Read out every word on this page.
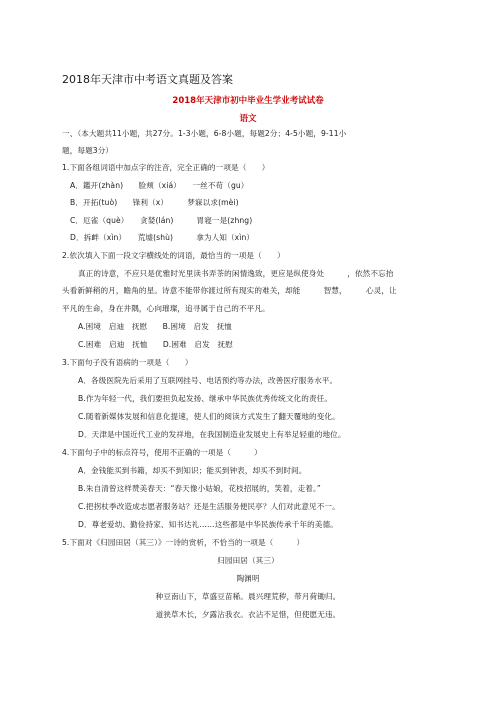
2018年天津市中考语文真题及答案
2018年天津市初中毕业生学业考试试卷
语文
一、（本大题共11小题，共27分。1-3小题，6-8小题，每题2分；4-5小题，9-11小
题，每题3分）
1.下面各组词语中加点字的注音，完全正确的一项是（　　）
A．鑑开(zhàn)　　脸颊（xiá）　　一丝不苟（gu）
B．开拓(tuò)　　锋利（x）　　　梦寐以求(mèi)
C．厄雀（què）　　贪婪(lán)　　　胃寝一是(zhng)
D．拆衅（xìn）　　荒墟(shù)　　　拿为人知（xìn）
2.依次填入下面一段文字横线处的词语，最恰当的一项是（　　）
真正的诗意，不应只是优雅时光里读书弄茶的闲情逸致，更应是纵使身处　　　，依然不忘抬
头看新鲜稍的月，瞻角的星。诗意不能带你渡过所有现实的难关，却能　　　智慧，　　　心灵，让
平凡的生命，身在井隅，心向璀璨，追寻属于自己的不平凡。
A.困境　启迪　抚慰　　B.困境　启发　抚恤
C.困难　启迪　抚恤　　D.困难　启发　抚慰
3.下面句子没有语病的一项是（　　）
A．各级医院先后采用了互联网挂号、电话预约等办法，改善医疗服务水平。
B.作为年轻一代，我们要担负起发扬、继承中华民族优秀传统文化的责任。
C.随着新媒体发展和信息化提速，使人们的阅读方式发生了翻天覆地的变化。
D．天津是中国近代工业的发祥地，在我国制造业发展史上有举足轻重的地位。
4.下面句子中的标点符号，使用不正确的一项是（　　　）
A．金钱能买到书籍，却买不到知识；能买到钟表，却买不到时间。
B.朱自清曾这样赞美春天：“春天像小姑娘，花枝招展的，笑着，走着。”
C.把拐杖季改造成志愿者服务站？还是生活服务便民亭？人们对此意见不一。
D．尊老爱幼、勤俭持家、知书达礼……这些都是中华民族传承千年的美德。
5.下面对《归园田居（其三）》一诗的赏析，不恰当的一项是（　　　）
归园田居（其三）
陶渊明
种豆南山下，草盛豆苗稀。晨兴理荒秽，带月荷锄归。
道狭草木长，夕露沾我衣。衣沾不足惜，但使愿无违。
